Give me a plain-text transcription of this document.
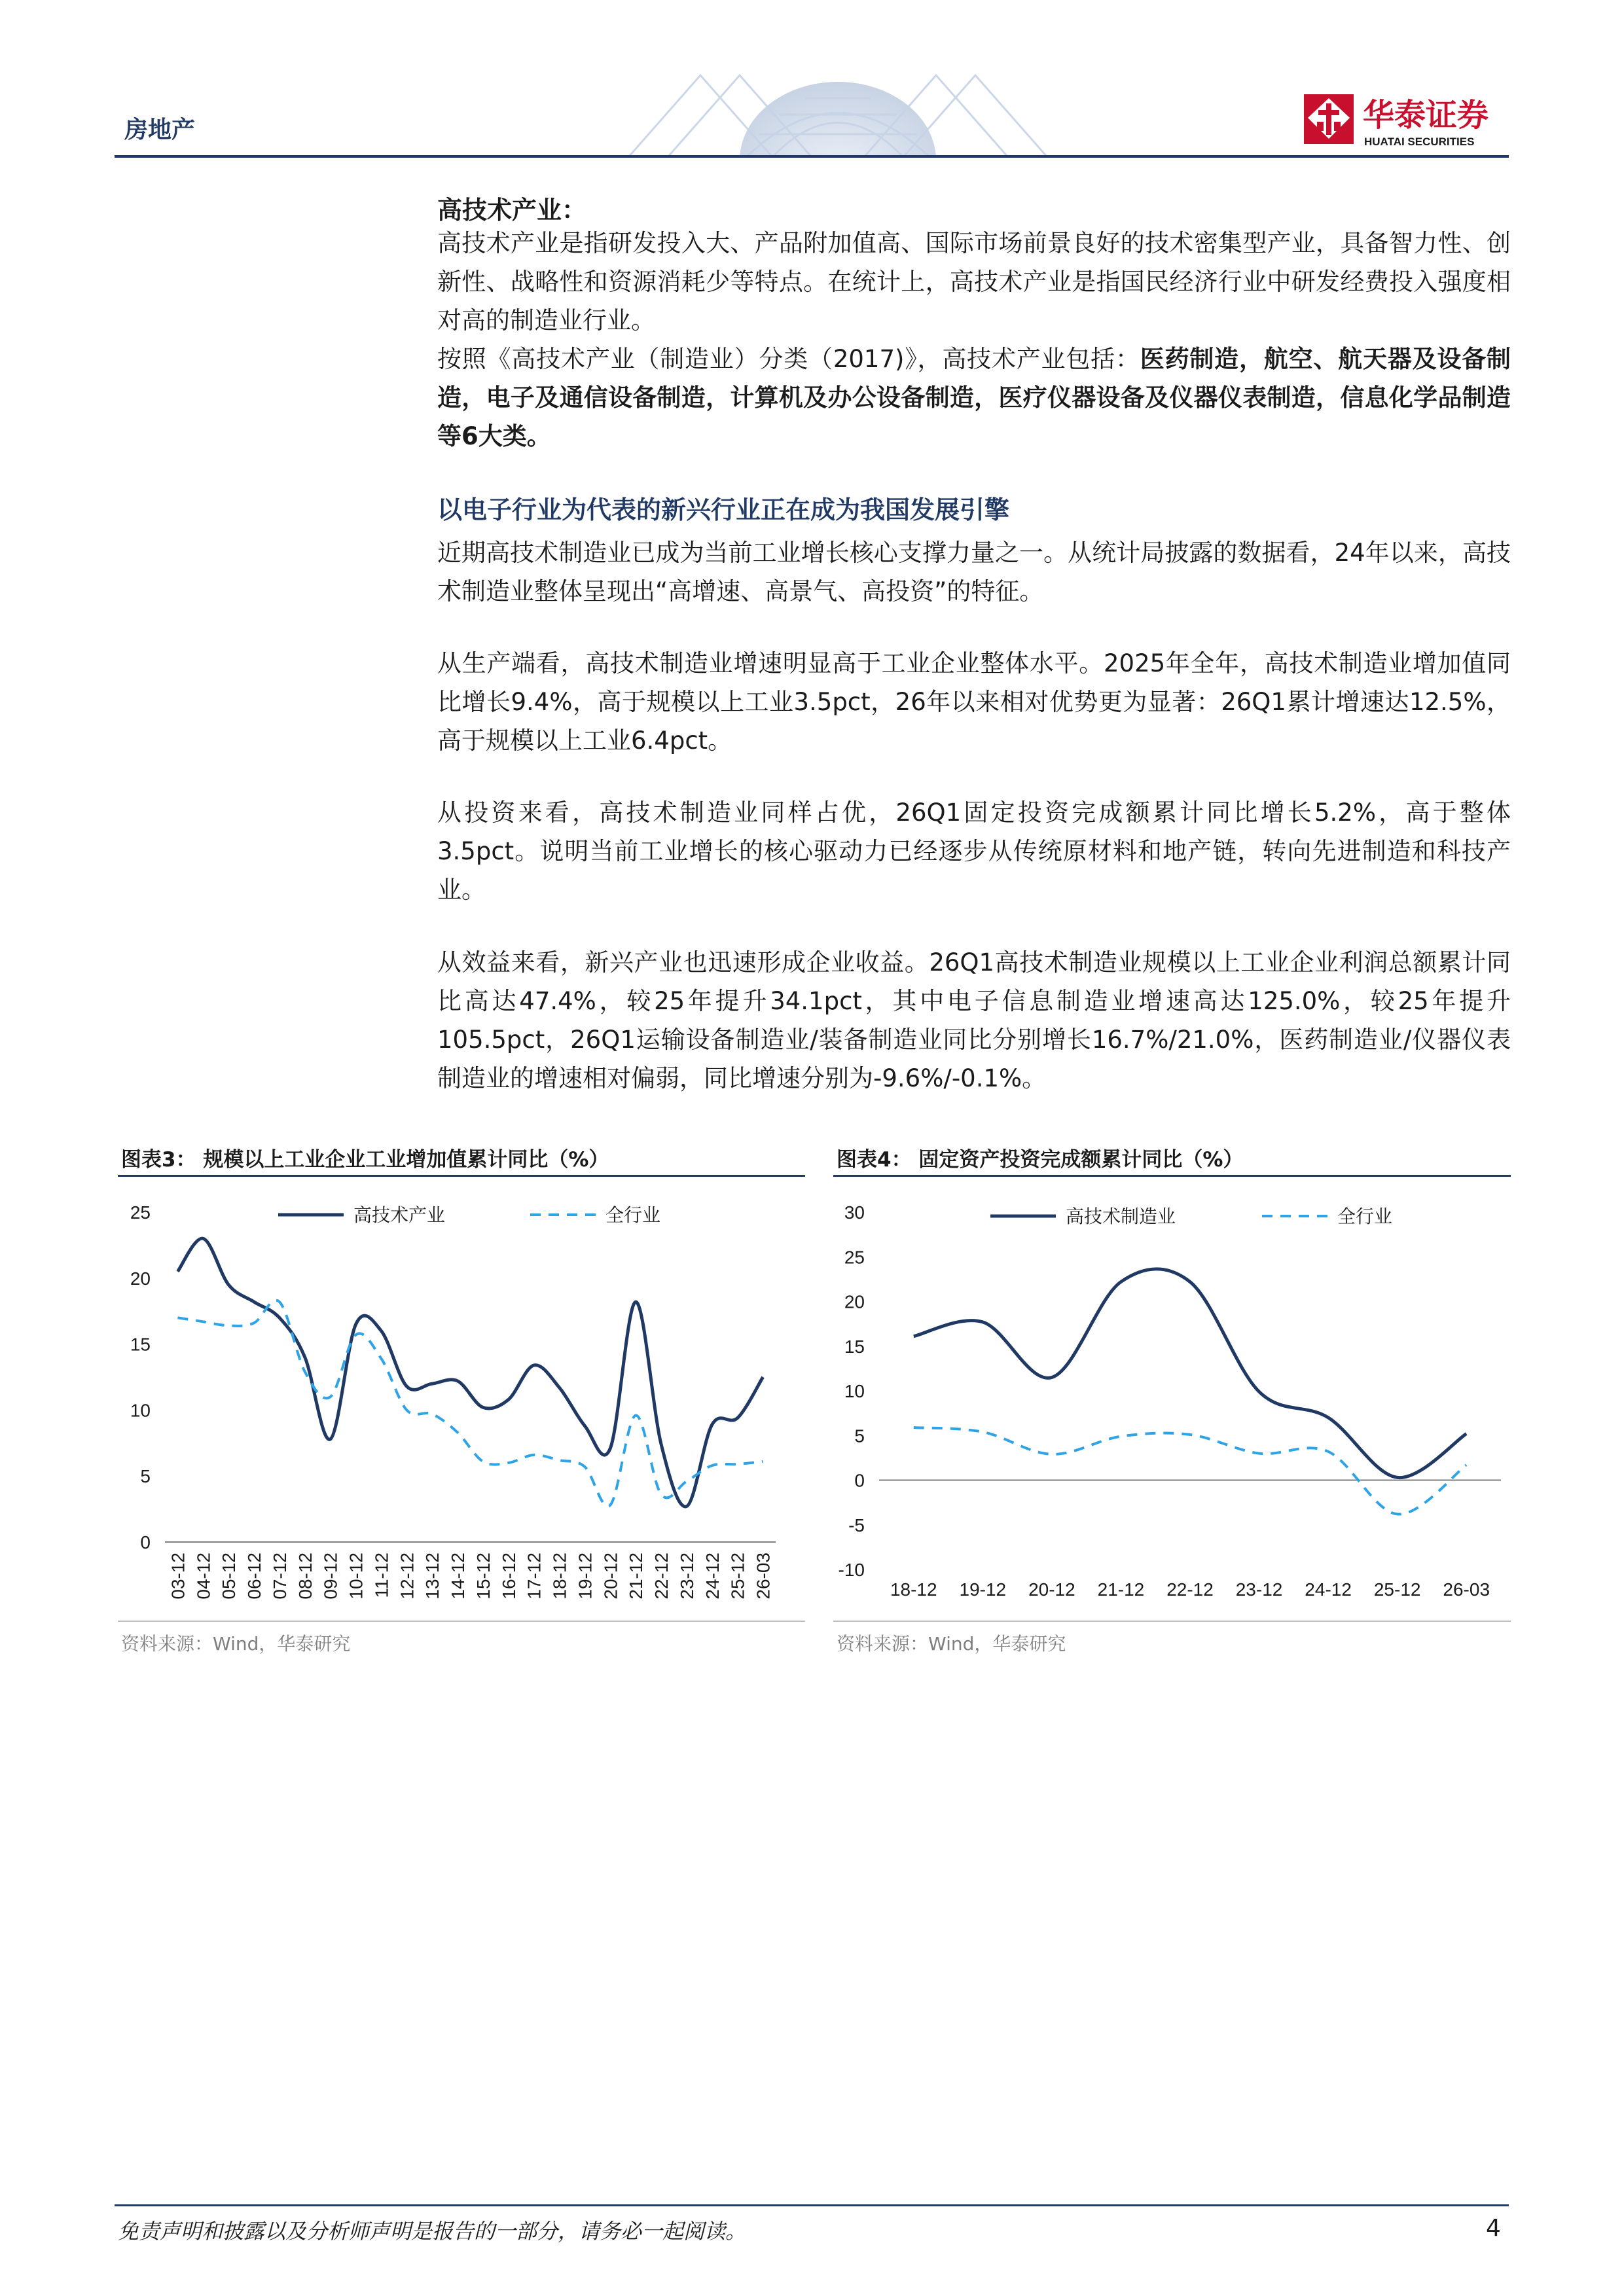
房地产	华泰证券
HUATAI SECURITIES
高技术产业：

高技术产业是指研发投入大、产品附加值高、国际市场前景良好的技术密集型产业，具备智力性、创新性、战略性和资源消耗少等特点。在统计上，高技术产业是指国民经济行业中研发经费投入强度相对高的制造业行业。

按照《高技术产业（制造业）分类（2017)》，高技术产业包括：医药制造，航空、航天器及设备制造，电子及通信设备制造，计算机及办公设备制造，医疗仪器设备及仪器仪表制造，信息化学品制造等6大类。

以电子行业为代表的新兴行业正在成为我国发展引擎

近期高技术制造业已成为当前工业增长核心支撑力量之一。从统计局披露的数据看，24年以来，高技术制造业整体呈现出“高增速、高景气、高投资”的特征。

从生产端看，高技术制造业增速明显高于工业企业整体水平。2025年全年，高技术制造业增加值同比增长9.4%，高于规模以上工业3.5pct，26年以来相对优势更为显著：26Q1累计增速达12.5%，高于规模以上工业6.4pct。

从投资来看，高技术制造业同样占优，26Q1固定投资完成额累计同比增长5.2%，高于整体3.5pct。说明当前工业增长的核心驱动力已经逐步从传统原材料和地产链，转向先进制造和科技产业。

从效益来看，新兴产业也迅速形成企业收益。26Q1高技术制造业规模以上工业企业利润总额累计同比高达47.4%，较25年提升34.1pct，其中电子信息制造业增速高达125.0%，较25年提升105.5pct，26Q1运输设备制造业/装备制造业同比分别增长16.7%/21.0%，医药制造业/仪器仪表制造业的增速相对偏弱，同比增速分别为-9.6%/-0.1%。

图表3： 规模以上工业企业工业增加值累计同比（%）
0
5
10
15
20
25
03-12 04-12 05-12 06-12 07-12 08-12 09-12 10-12 11-12 12-12 13-12 14-12 15-12 16-12 17-12 18-12 19-12 20-12 21-12 22-12 23-12 24-12 25-12 26-03
高技术产业	全行业
资料来源：Wind，华泰研究
图表4： 固定资产投资完成额累计同比（%）
-10
-5
0
5
10
15
20
25
30
18-12 19-12 20-12 21-12 22-12 23-12 24-12 25-12 26-03
高技术制造业	全行业
资料来源：Wind，华泰研究
免责声明和披露以及分析师声明是报告的一部分，请务必一起阅读。	4
